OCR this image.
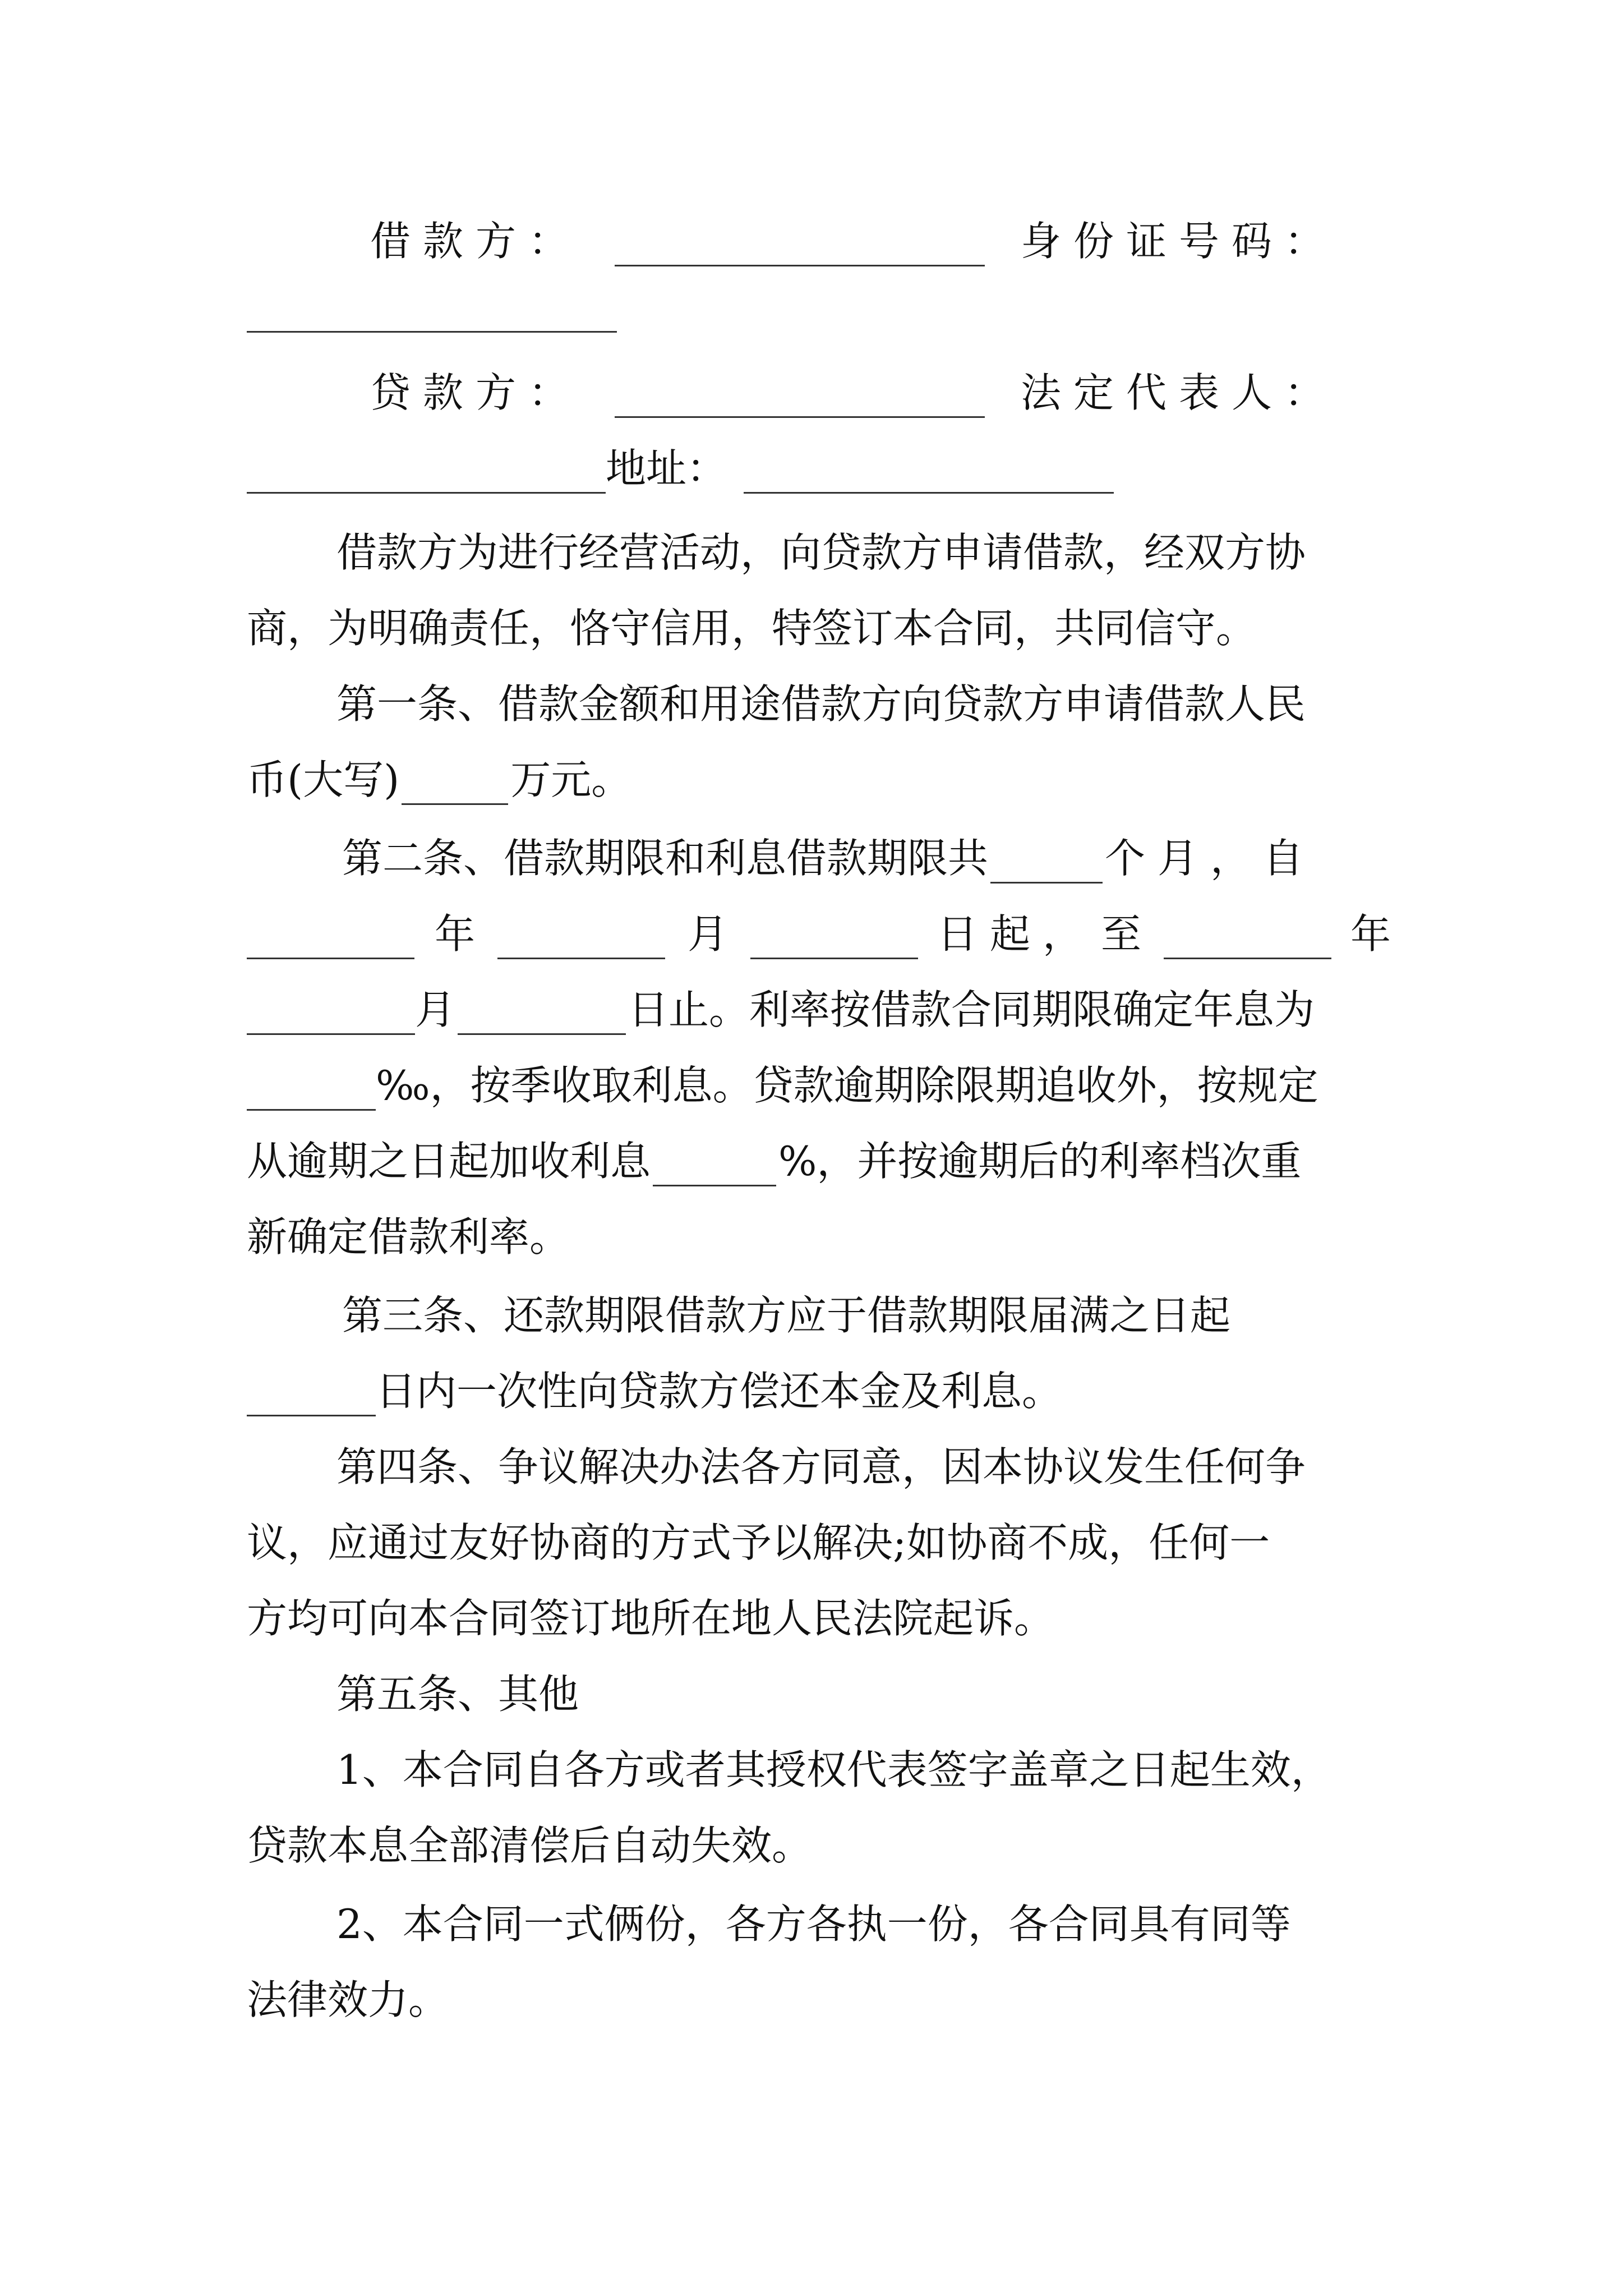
借款方：	身份证号码：
贷款方：	法定代表人：
地址：
借款方为进行经营活动，向贷款方申请借款，经双方协
商，为明确责任，恪守信用，特签订本合同，共同信守。
第一条、借款金额和用途借款方向贷款方申请借款人民
币(大写)	万元。
第二条、借款期限和利息借款期限共	个月，自
年	月	日起， 至	年
月	日止。利率按借款合同期限确定年息为
‰，按季收取利息。贷款逾期除限期追收外，按规定
从逾期之日起加收利息	%，并按逾期后的利率档次重
新确定借款利率。
第三条、还款期限借款方应于借款期限届满之日起
日内一次性向贷款方偿还本金及利息。
第四条、争议解决办法各方同意，因本协议发生任何争
议，应通过友好协商的方式予以解决;如协商不成，任何一
方均可向本合同签订地所在地人民法院起诉。
第五条、其他
1、本合同自各方或者其授权代表签字盖章之日起生效，
贷款本息全部清偿后自动失效。
2、本合同一式俩份，各方各执一份，各合同具有同等
法律效力。
